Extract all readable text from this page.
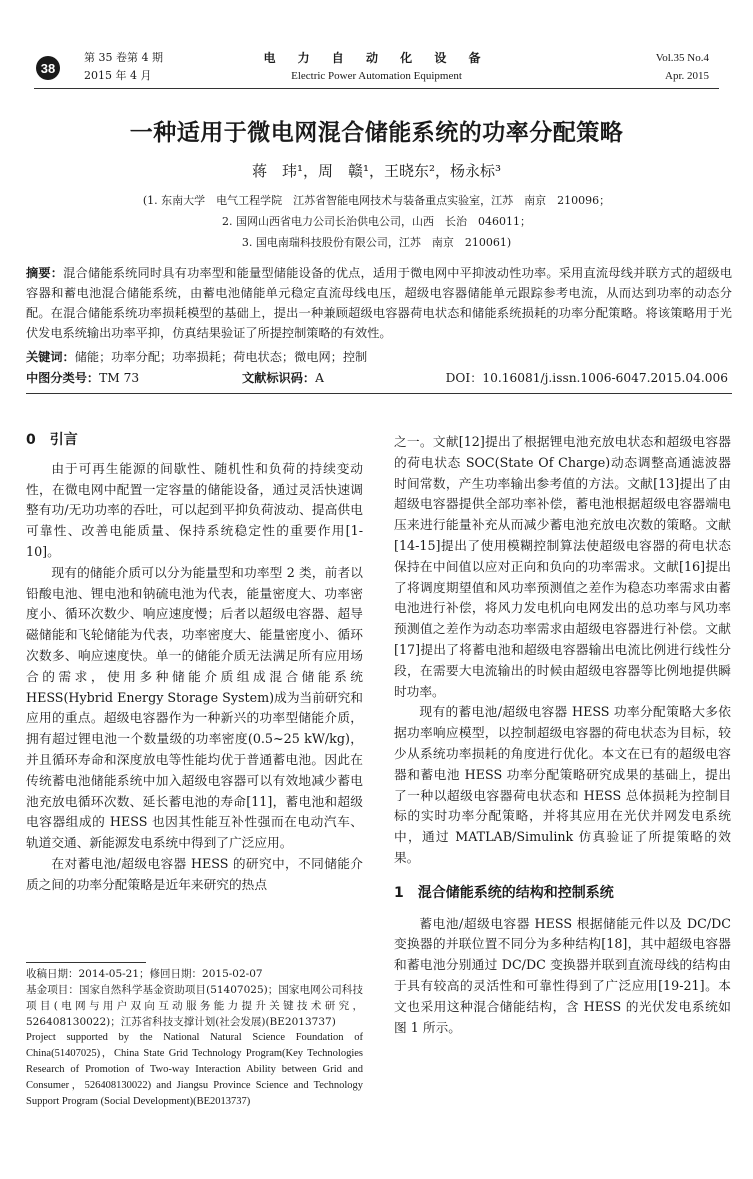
38
第 35 卷第 4 期
2015 年 4 月
电 力 自 动 化 设 备
Electric Power Automation Equipment
Vol.35 No.4
Apr. 2015
一种适用于微电网混合储能系统的功率分配策略
蒋　玮¹，周　赣¹，王晓东²，杨永标³
(1. 东南大学　电气工程学院　江苏省智能电网技术与装备重点实验室，江苏　南京　210096；
2. 国网山西省电力公司长治供电公司，山西　长治　046011；
3. 国电南瑞科技股份有限公司，江苏　南京　210061)

摘要：混合储能系统同时具有功率型和能量型储能设备的优点，适用于微电网中平抑波动性功率。采用直流母线并联方式的超级电容器和蓄电池混合储能系统，由蓄电池储能单元稳定直流母线电压，超级电容器储能单元跟踪参考电流，从而达到功率的动态分配。在混合储能系统功率损耗模型的基础上，提出一种兼顾超级电容器荷电状态和储能系统损耗的功率分配策略。将该策略用于光伏发电系统输出功率平抑，仿真结果验证了所提控制策略的有效性。

关键词：储能；功率分配；功率损耗；荷电状态；微电网；控制

中图分类号：TM 73	文献标识码：A	DOI：10.16081/j.issn.1006-6047.2015.04.006
0　引言

由于可再生能源的间歇性、随机性和负荷的持续变动性，在微电网中配置一定容量的储能设备，通过灵活快速调整有功/无功功率的吞吐，可以起到平抑负荷波动、提高供电可靠性、改善电能质量、保持系统稳定性的重要作用[1-10]。

现有的储能介质可以分为能量型和功率型 2 类，前者以铅酸电池、锂电池和钠硫电池为代表，能量密度大、功率密度小、循环次数少、响应速度慢；后者以超级电容器、超导磁储能和飞轮储能为代表，功率密度大、能量密度小、循环次数多、响应速度快。单一的储能介质无法满足所有应用场合的需求，使用多种储能介质组成混合储能系统 HESS(Hybrid Energy Storage System)成为当前研究和应用的重点。超级电容器作为一种新兴的功率型储能介质，拥有超过锂电池一个数量级的功率密度(0.5~25 kW/kg)，并且循环寿命和深度放电等性能均优于普通蓄电池。因此在传统蓄电池储能系统中加入超级电容器可以有效地减少蓄电池充放电循环次数、延长蓄电池的寿命[11]，蓄电池和超级电容器组成的 HESS 也因其性能互补性强而在电动汽车、轨道交通、新能源发电系统中得到了广泛应用。

在对蓄电池/超级电容器 HESS 的研究中，不同储能介质之间的功率分配策略是近年来研究的热点

之一。文献[12]提出了根据锂电池充放电状态和超级电容器的荷电状态 SOC(State Of Charge)动态调整高通滤波器时间常数，产生功率输出参考值的方法。文献[13]提出了由超级电容器提供全部功率补偿，蓄电池根据超级电容器端电压来进行能量补充从而减少蓄电池充放电次数的策略。文献[14-15]提出了使用模糊控制算法使超级电容器的荷电状态保持在中间值以应对正向和负向的功率需求。文献[16]提出了将调度期望值和风功率预测值之差作为稳态功率需求由蓄电池进行补偿，将风力发电机向电网发出的总功率与风功率预测值之差作为动态功率需求由超级电容器进行补偿。文献[17]提出了将蓄电池和超级电容器输出电流比例进行线性分段，在需要大电流输出的时候由超级电容器等比例地提供瞬时功率。

现有的蓄电池/超级电容器 HESS 功率分配策略大多依据功率响应模型，以控制超级电容器的荷电状态为目标，较少从系统功率损耗的角度进行优化。本文在已有的超级电容器和蓄电池 HESS 功率分配策略研究成果的基础上，提出了一种以超级电容器荷电状态和 HESS 总体损耗为控制目标的实时功率分配策略，并将其应用在光伏并网发电系统中，通过 MATLAB/Simulink 仿真验证了所提策略的效果。

1　混合储能系统的结构和控制系统

蓄电池/超级电容器 HESS 根据储能元件以及 DC/DC 变换器的并联位置不同分为多种结构[18]，其中超级电容器和蓄电池分别通过 DC/DC 变换器并联到直流母线的结构由于具有较高的灵活性和可靠性得到了广泛应用[19-21]。本文也采用这种混合储能结构，含 HESS 的光伏发电系统如图 1 所示。

收稿日期：2014-05-21；修回日期：2015-02-07

基金项目：国家自然科学基金资助项目(51407025)；国家电网公司科技项目(电网与用户双向互动服务能力提升关键技术研究，526408130022)；江苏省科技支撑计划(社会发展)(BE2013737)

Project supported by the National Natural Science Foundation of China(51407025)，China State Grid Technology Program(Key Technologies Research of Promotion of Two-way Interaction Ability between Grid and Consumer，526408130022) and Jiangsu Province Science and Technology Support Program (Social Development)(BE2013737)
